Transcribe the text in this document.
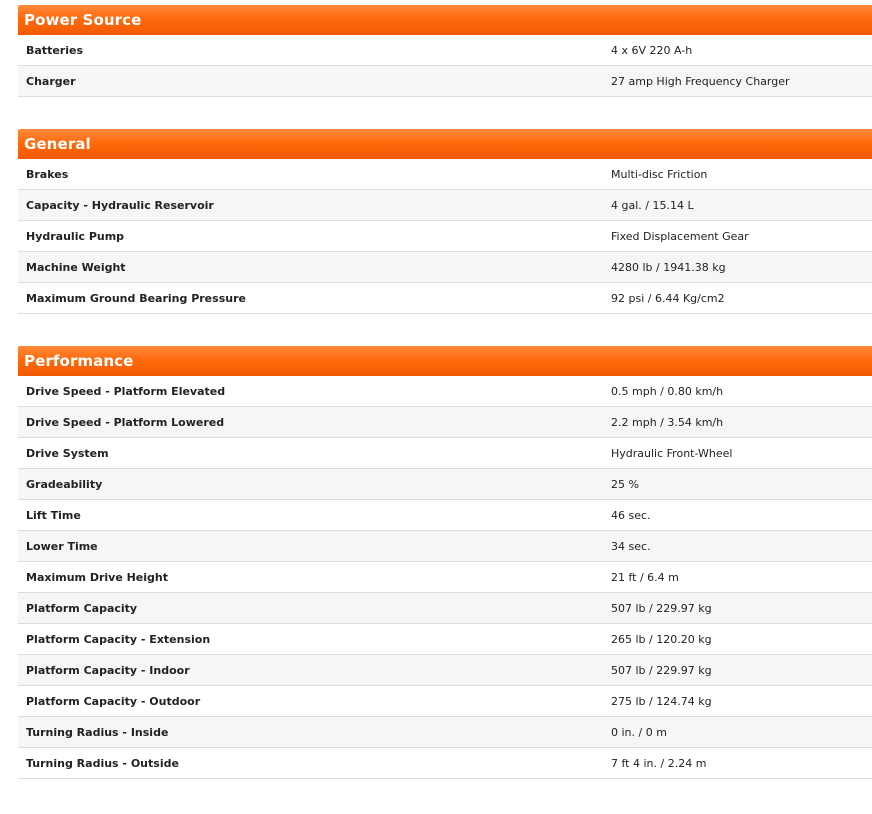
Power Source
Batteries	4 x 6V 220 A-h
Charger	27 amp High Frequency Charger
General
Brakes	Multi-disc Friction
Capacity - Hydraulic Reservoir	4 gal. / 15.14 L
Hydraulic Pump	Fixed Displacement Gear
Machine Weight	4280 lb / 1941.38 kg
Maximum Ground Bearing Pressure	92 psi / 6.44 Kg/cm2
Performance
Drive Speed - Platform Elevated	0.5 mph / 0.80 km/h
Drive Speed - Platform Lowered	2.2 mph / 3.54 km/h
Drive System	Hydraulic Front-Wheel
Gradeability	25 %
Lift Time	46 sec.
Lower Time	34 sec.
Maximum Drive Height	21 ft / 6.4 m
Platform Capacity	507 lb / 229.97 kg
Platform Capacity - Extension	265 lb / 120.20 kg
Platform Capacity - Indoor	507 lb / 229.97 kg
Platform Capacity - Outdoor	275 lb / 124.74 kg
Turning Radius - Inside	0 in. / 0 m
Turning Radius - Outside	7 ft 4 in. / 2.24 m
